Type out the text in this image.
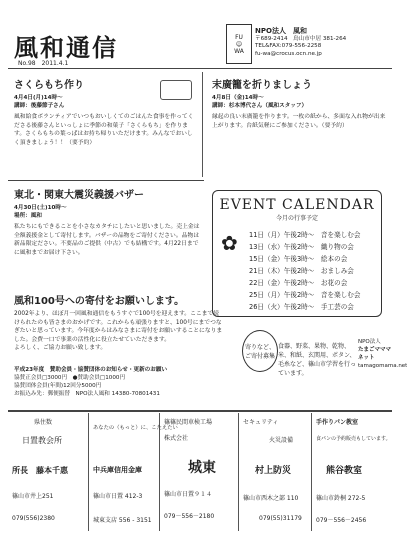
風和通信
No.98　2011.4.1
FU
☺
WA
NPO法人　風和
〒689-2414　鳥山市中居 381-264
TEL&FAX:079-556-2258
fu-wa@crocus.ocn.ne.jp
さくらもち作り
4月4日(月)14時～
講師：後藤節子さん
風和給食ボランティアでいつもおいしくてのごはんた食事を作ってくださる後藤さんといっしょに季節の和菓子「さくらもち」を作ります。さくらもちの葉っぱはお持ち帰りいただけます。みんなでおいしく頂きましょう！！（要予約）
末廣籠を折りましょう
4月8日（金)14時～
講師：杉本博代さん（風和スタッフ）
縁起の良い末廣籠を作ります。一枚の紙から、多面な入れ物が出来上がります。台紙気軽にご参加ください。（要予約）
東北・関東大震災義援バザー
4月30日(土)10時～
場所：風和
私たちにもできることを小さなカタチにしたいと思いました。売上金は全額義援金として寄付します。バザーの品物をご寄付ください。品物は新品限定ださい。不要品のご提供（中古）でも結構です。4月22日までに風和までお届け下さい。
風和100号への寄付をお願いします。
2002年より、ほぼ月一回風和通信をもうすぐで100号を迎えます。ここまで続けられたのも皆さまのおかげです。これからも頑張りますと、100号にまでつなぎたいと思っています。今年度からはみなさまに寄付をお願いすることになりました。会費一口で事業の活性化に役立たせていただきます。
よろしく、ご協力お願い致します。
平成23年度　賛助会員・協賛団体のお知らせ・更新のお願い
協賛正会員□3000円　●賛助会員□1000円
協賛団体会員(年間)12回分5000円
お振込み先：郵便振替　NPO法人風和 14380-70801431
EVENT CALENDAR
今月の行事予定
11日（月）午後2時～　音を楽しむ会
13日（水）午後2時～　織り物の会
15日（金）午後3時～　絵本の会
21日（木）午後2時～　おましみ会
22日（金）午後2時～　お花の会
25日（月）午後2時～　音を楽しむ会
26日（火）午後2時～　手工芸の会
✿
寄りなど、ご寄付募集
食器、野菜、果物、乾物、米、和紙、玄関用、ボタン、毛糸など、篠山市学習を行っています。
NPO法人
たまごマママネット
tamagomama.net
県住数
日置教会所
所長　藤本千惠
篠山市井上251
079(556)2380
あなたの（もっと）に、こたえたい
中兵庫信用金庫
篠山市日置 412-3
城東支店 556 - 3151
篠篠民間車検工場
株式会社
城東
篠山市日置９１４
079－556－2180
セキュリティ
火災設備
村上防災
篠山市西木之部 110
079(55)31179
手作りパン教室
食パンの予約販売もしています。
熊谷教室
篠山市鈴桐 272-5
079－556－2456
